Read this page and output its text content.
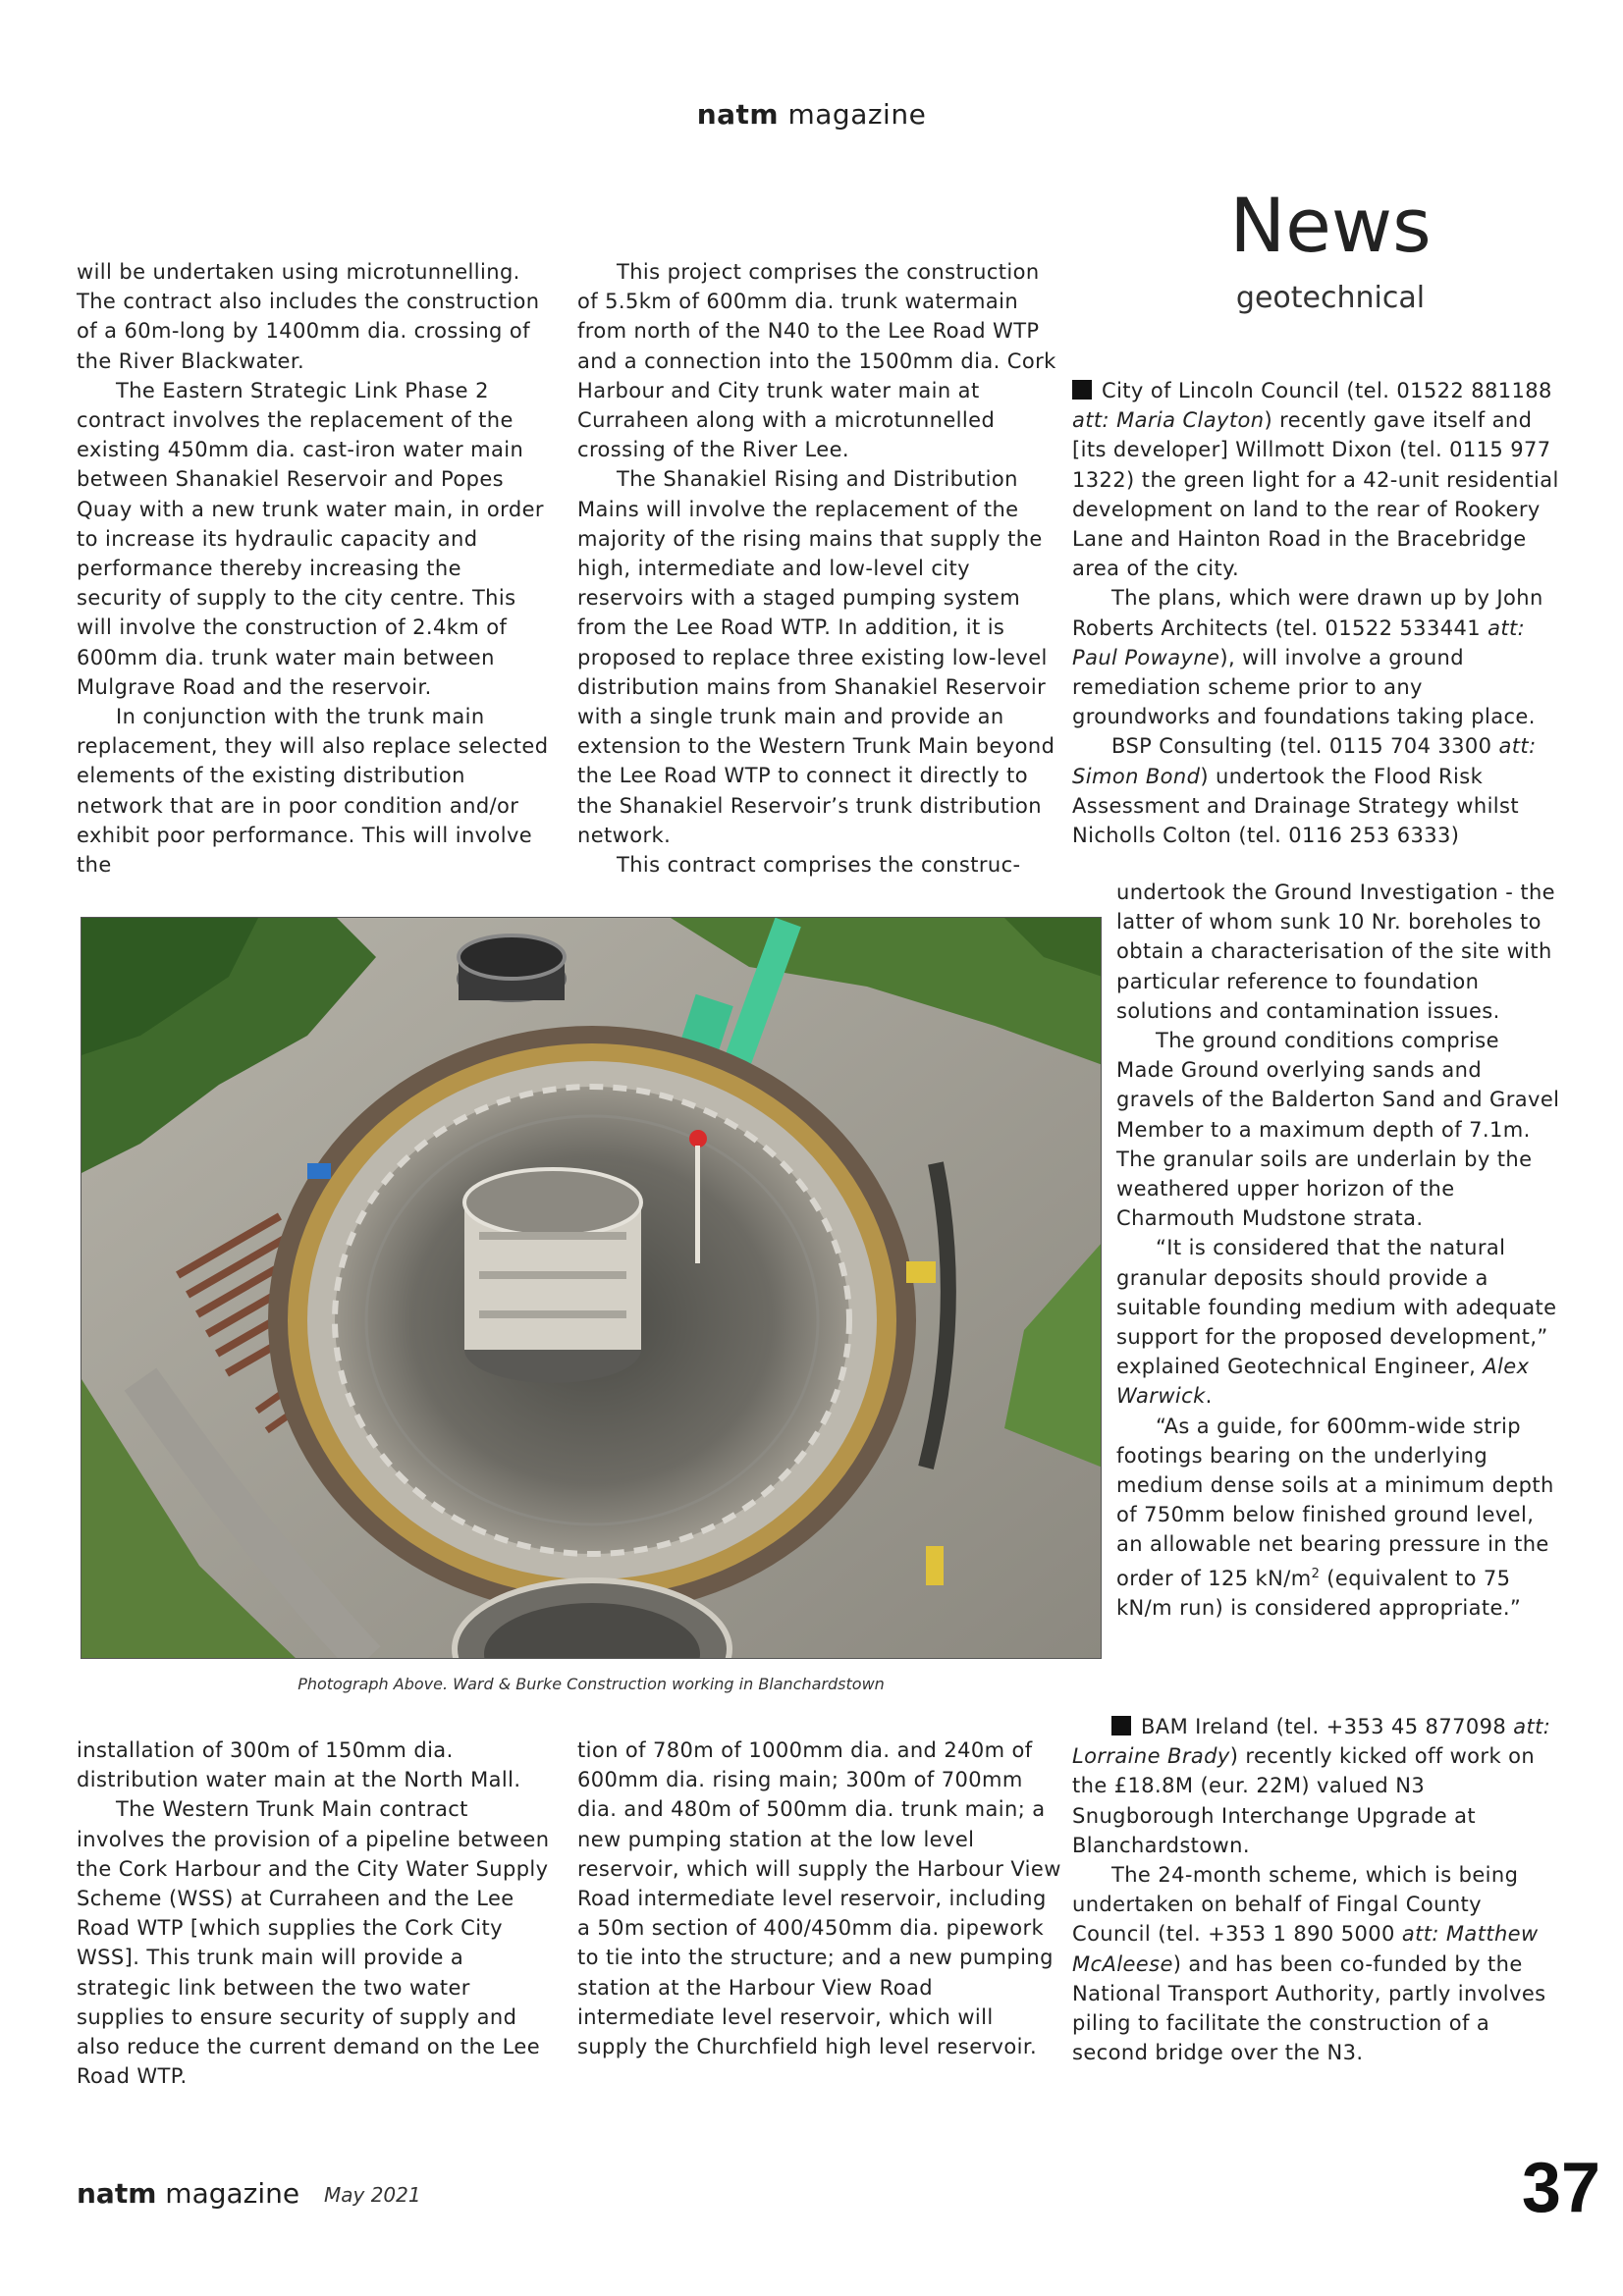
natm magazine
News
geotechnical

will be undertaken using microtunnelling. The contract also includes the construction of a 60m-long by 1400mm dia. crossing of the River Blackwater.

The Eastern Strategic Link Phase 2 contract involves the replacement of the existing 450mm dia. cast-iron water main between Shanakiel Reservoir and Popes Quay with a new trunk water main, in order to increase its hydraulic capacity and performance thereby increasing the security of supply to the city centre. This will involve the construction of 2.4km of 600mm dia. trunk water main between Mulgrave Road and the reservoir.

In conjunction with the trunk main replacement, they will also replace selected elements of the existing distribution network that are in poor condition and/or exhibit poor performance. This will involve the

This project comprises the construction of 5.5km of 600mm dia. trunk watermain from north of the N40 to the Lee Road WTP and a connection into the 1500mm dia. Cork Harbour and City trunk water main at Curraheen along with a microtunnelled crossing of the River Lee.

The Shanakiel Rising and Distribution Mains will involve the replacement of the majority of the rising mains that supply the high, intermediate and low-level city reservoirs with a staged pumping system from the Lee Road WTP. In addition, it is proposed to replace three existing low-level distribution mains from Shanakiel Reservoir with a single trunk main and provide an extension to the Western Trunk Main beyond the Lee Road WTP to connect it directly to the Shanakiel Reservoir’s trunk distribution network.

This contract comprises the construc-

City of Lincoln Council (tel. 01522 881188 att: Maria Clayton) recently gave itself and [its developer] Willmott Dixon (tel. 0115 977 1322) the green light for a 42-unit residential development on land to the rear of Rookery Lane and Hainton Road in the Bracebridge area of the city.

The plans, which were drawn up by John Roberts Architects (tel. 01522 533441 att: Paul Powayne), will involve a ground remediation scheme prior to any groundworks and foundations taking place.

BSP Consulting (tel. 0115 704 3300 att: Simon Bond) undertook the Flood Risk Assessment and Drainage Strategy whilst Nicholls Colton (tel. 0116 253 6333)

undertook the Ground Investigation - the latter of whom sunk 10 Nr. boreholes to obtain a characterisation of the site with particular reference to foundation solutions and contamination issues.

The ground conditions comprise Made Ground overlying sands and gravels of the Balderton Sand and Gravel Member to a maximum depth of 7.1m. The granular soils are underlain by the weathered upper horizon of the Charmouth Mudstone strata.

“It is considered that the natural granular deposits should provide a suitable founding medium with adequate support for the proposed development,” explained Geotechnical Engineer, Alex Warwick.

“As a guide, for 600mm-wide strip footings bearing on the underlying medium dense soils at a minimum depth of 750mm below finished ground level, an allowable net bearing pressure in the order of 125 $kN/m^2$ (equivalent to 75 kN/m run) is considered appropriate.”

BAM Ireland (tel. +353 45 877098 att: Lorraine Brady) recently kicked off work on the £18.8M (eur. 22M) valued N3 Snugborough Interchange Upgrade at Blanchardstown.

The 24-month scheme, which is being undertaken on behalf of Fingal County Council (tel. +353 1 890 5000 att: Matthew McAleese) and has been co-funded by the National Transport Authority, partly involves piling to facilitate the construction of a second bridge over the N3.

Photograph Above. Ward & Burke Construction working in Blanchardstown

installation of 300m of 150mm dia. distribution water main at the North Mall.

The Western Trunk Main contract involves the provision of a pipeline between the Cork Harbour and the City Water Supply Scheme (WSS) at Curraheen and the Lee Road WTP [which supplies the Cork City WSS]. This trunk main will provide a strategic link between the two water supplies to ensure security of supply and also reduce the current demand on the Lee Road WTP.

tion of 780m of 1000mm dia. and 240m of 600mm dia. rising main; 300m of 700mm dia. and 480m of 500mm dia. trunk main; a new pumping station at the low level reservoir, which will supply the Harbour View Road intermediate level reservoir, including a 50m section of 400/450mm dia. pipework to tie into the structure; and a new pumping station at the Harbour View Road intermediate level reservoir, which will supply the Churchfield high level reservoir.

natm magazine May 2021	37
